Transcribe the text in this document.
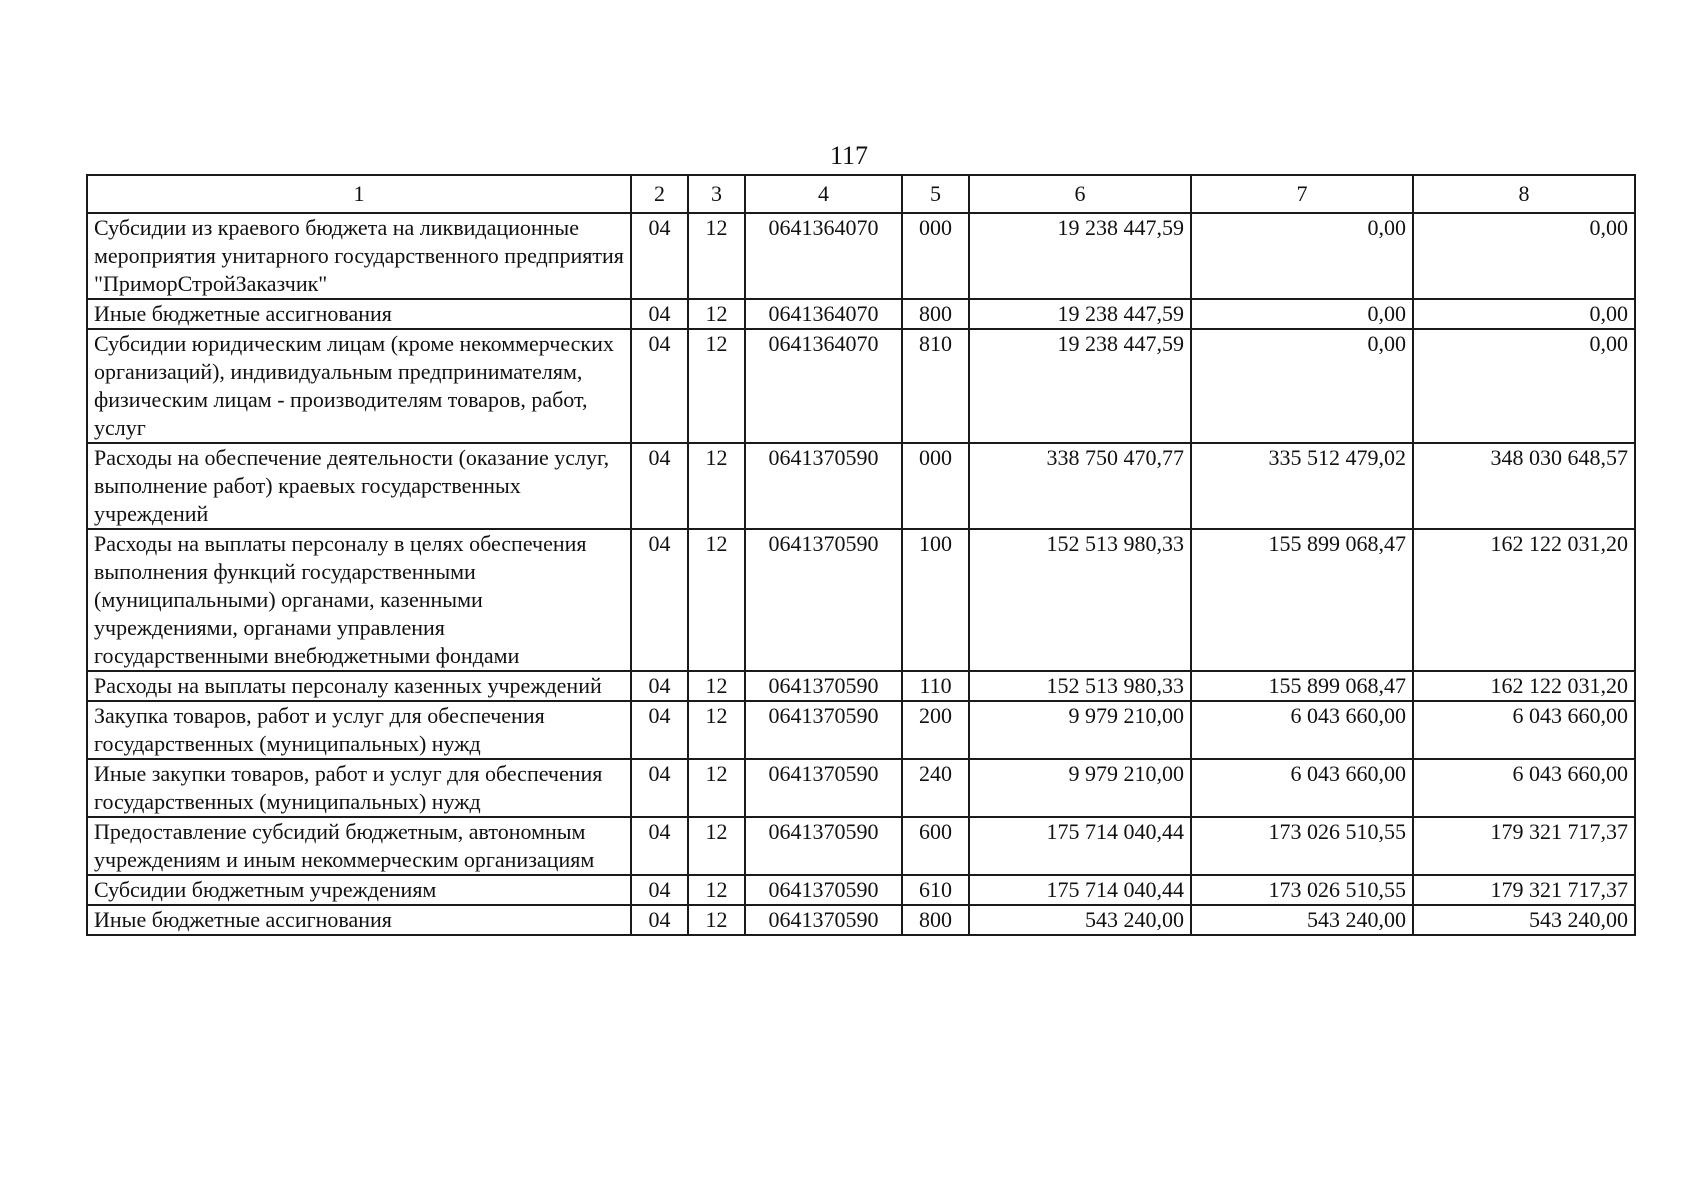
117
1	2	3	4	5	6	7	8
Субсидии из краевого бюджета на ликвидационные мероприятия унитарного государственного предприятия "ПриморСтройЗаказчик"	04	12	0641364070	000	19 238 447,59	0,00	0,00
Иные бюджетные ассигнования	04	12	0641364070	800	19 238 447,59	0,00	0,00
Субсидии юридическим лицам (кроме некоммерческих организаций), индивидуальным предпринимателям, физическим лицам - производителям товаров, работ, услуг	04	12	0641364070	810	19 238 447,59	0,00	0,00
Расходы на обеспечение деятельности (оказание услуг, выполнение работ) краевых государственных учреждений	04	12	0641370590	000	338 750 470,77	335 512 479,02	348 030 648,57
Расходы на выплаты персоналу в целях обеспечения выполнения функций государственными (муниципальными) органами, казенными учреждениями, органами управления государственными внебюджетными фондами	04	12	0641370590	100	152 513 980,33	155 899 068,47	162 122 031,20
Расходы на выплаты персоналу казенных учреждений	04	12	0641370590	110	152 513 980,33	155 899 068,47	162 122 031,20
Закупка товаров, работ и услуг для обеспечения государственных (муниципальных) нужд	04	12	0641370590	200	9 979 210,00	6 043 660,00	6 043 660,00
Иные закупки товаров, работ и услуг для обеспечения государственных (муниципальных) нужд	04	12	0641370590	240	9 979 210,00	6 043 660,00	6 043 660,00
Предоставление субсидий бюджетным, автономным учреждениям и иным некоммерческим организациям	04	12	0641370590	600	175 714 040,44	173 026 510,55	179 321 717,37
Субсидии бюджетным учреждениям	04	12	0641370590	610	175 714 040,44	173 026 510,55	179 321 717,37
Иные бюджетные ассигнования	04	12	0641370590	800	543 240,00	543 240,00	543 240,00
